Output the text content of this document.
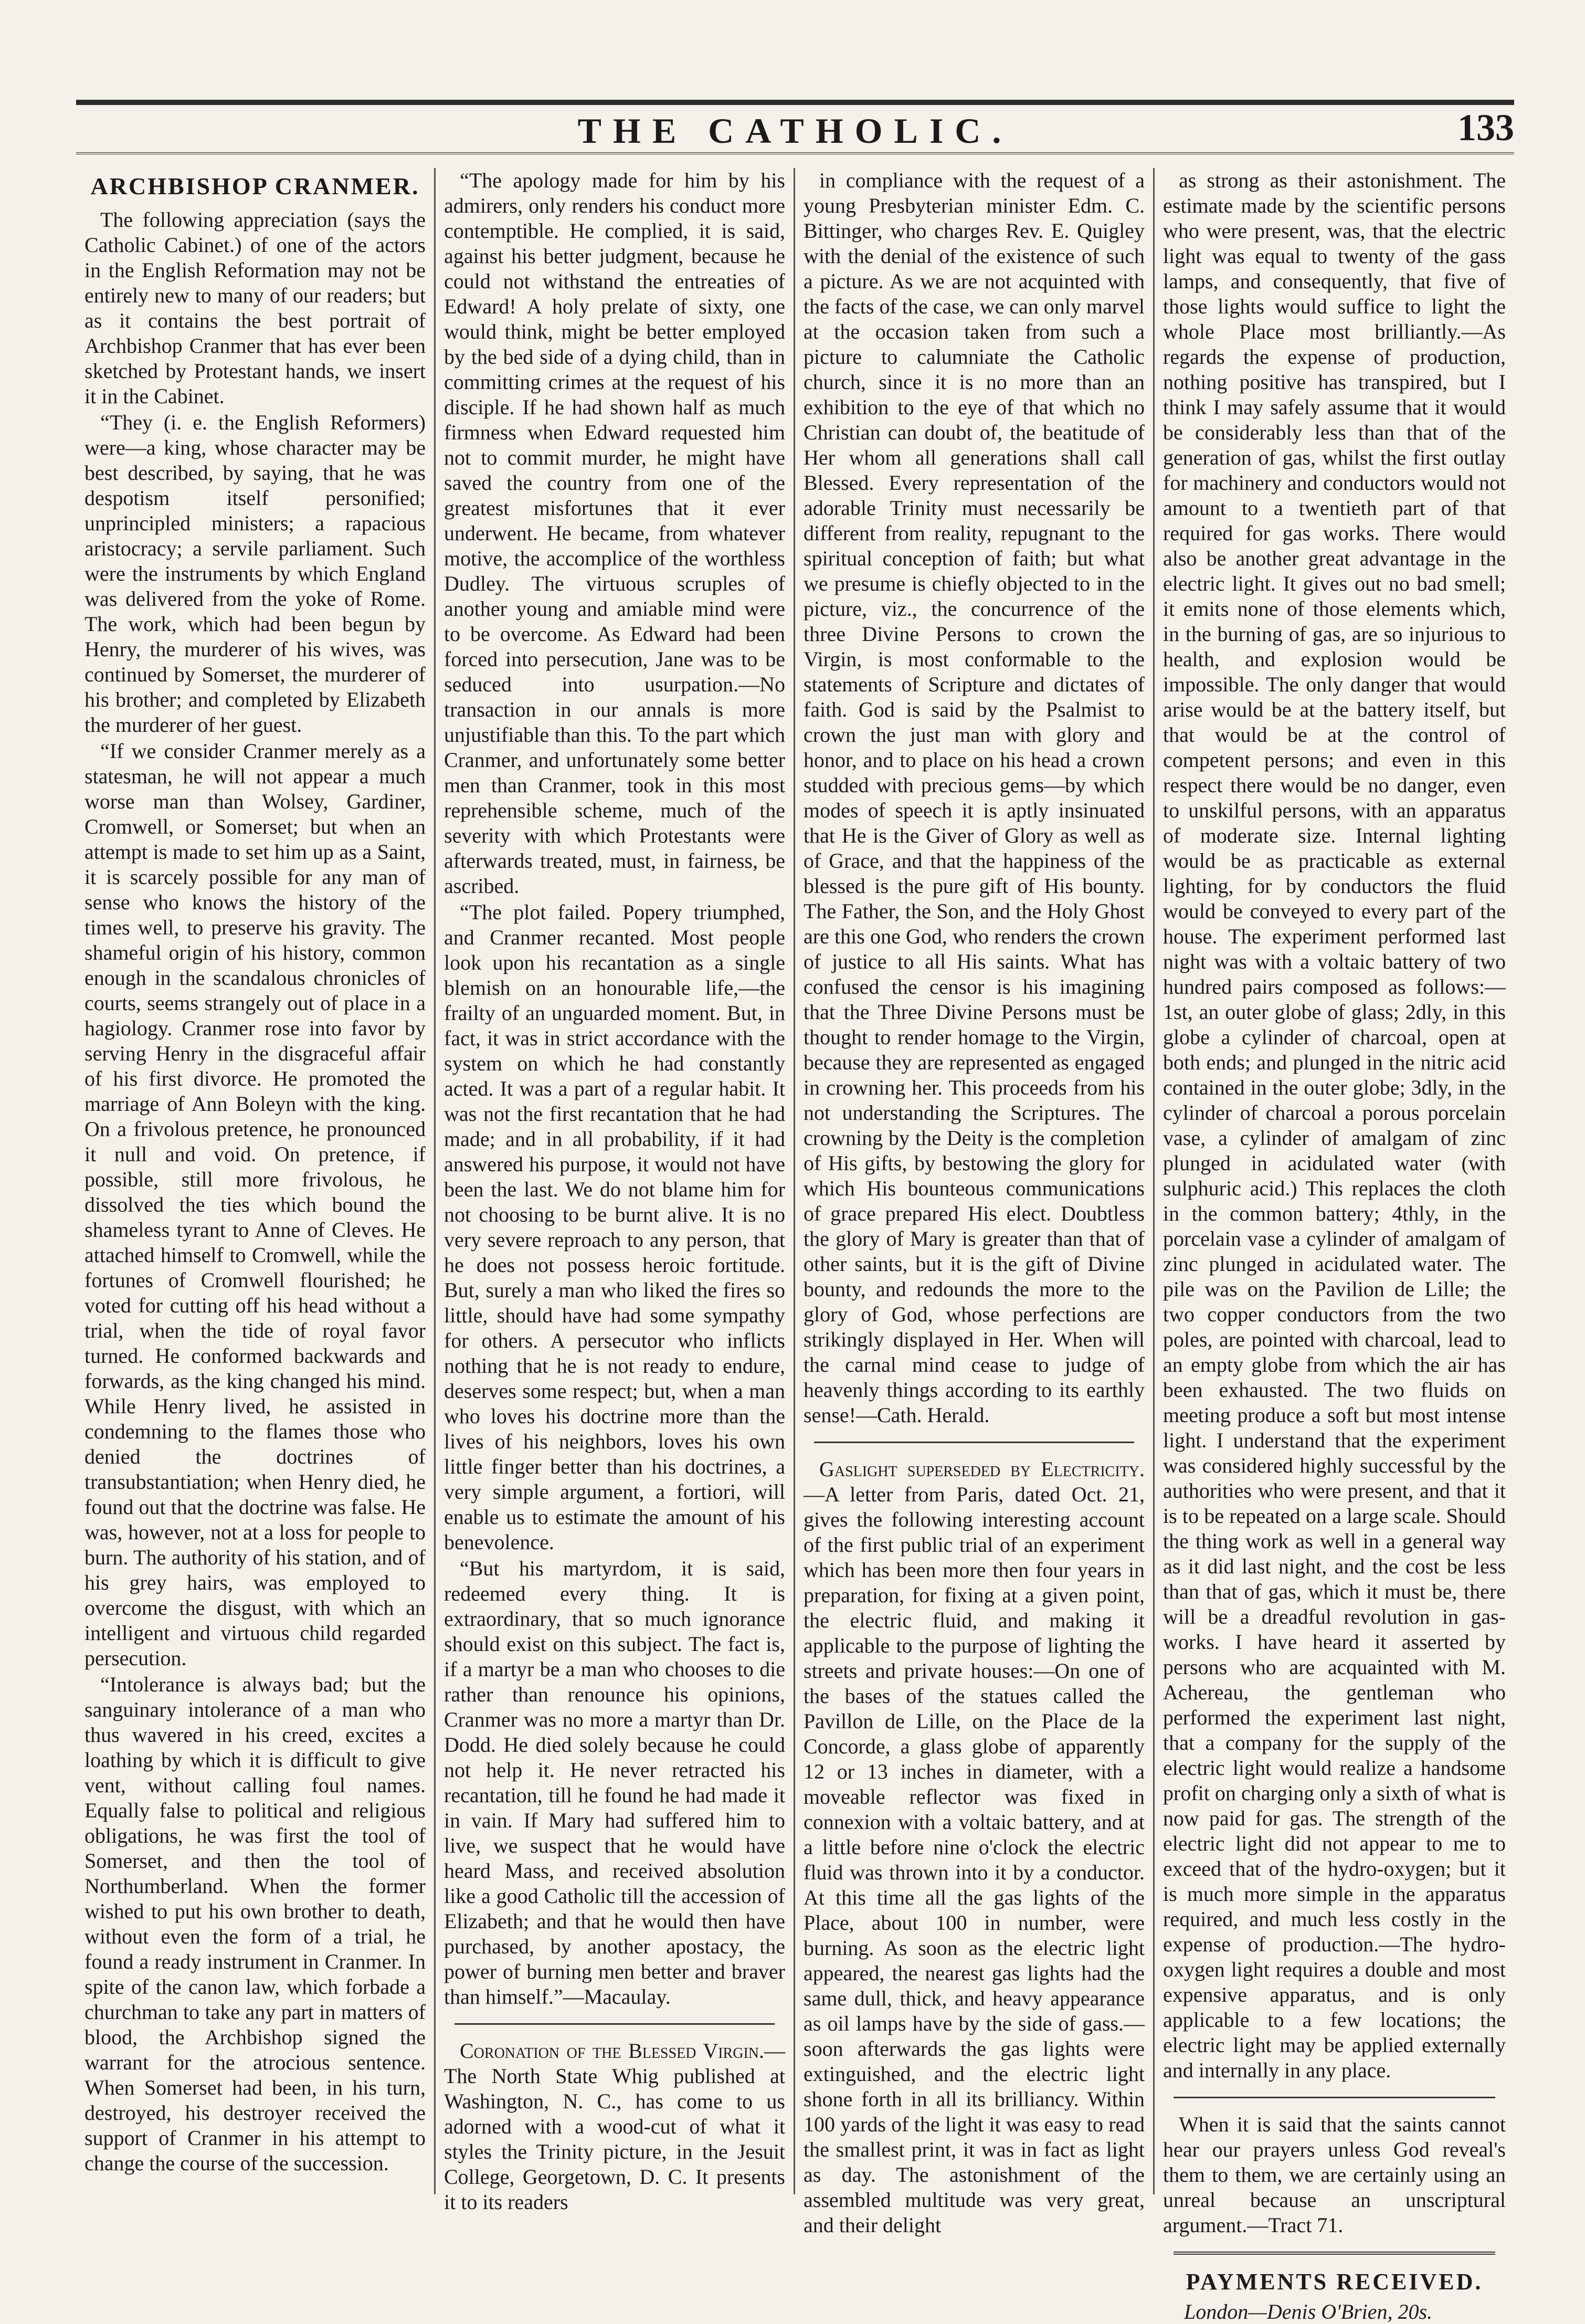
THE CATHOLIC.	133
ARCHBISHOP CRANMER.

The following appreciation (says the Catholic Cabinet.) of one of the actors in the English Reformation may not be entirely new to many of our readers; but as it contains the best portrait of Archbishop Cranmer that has ever been sketched by Protestant hands, we insert it in the Cabinet.

“They (i. e. the English Reformers) were—a king, whose character may be best described, by saying, that he was despotism itself personified; unprincipled ministers; a rapacious aristocracy; a servile parliament. Such were the instruments by which England was delivered from the yoke of Rome. The work, which had been begun by Henry, the murderer of his wives, was continued by Somerset, the murderer of his brother; and completed by Elizabeth the murderer of her guest.

“If we consider Cranmer merely as a statesman, he will not appear a much worse man than Wolsey, Gardiner, Cromwell, or Somerset; but when an attempt is made to set him up as a Saint, it is scarcely possible for any man of sense who knows the history of the times well, to preserve his gravity. The shameful origin of his history, common enough in the scandalous chronicles of courts, seems strangely out of place in a hagiology. Cranmer rose into favor by serving Henry in the disgraceful affair of his first divorce. He promoted the marriage of Ann Boleyn with the king. On a frivolous pretence, he pronounced it null and void. On pretence, if possible, still more frivolous, he dissolved the ties which bound the shameless tyrant to Anne of Cleves. He attached himself to Cromwell, while the fortunes of Cromwell flourished; he voted for cutting off his head without a trial, when the tide of royal favor turned. He conformed backwards and forwards, as the king changed his mind. While Henry lived, he assisted in condemning to the flames those who denied the doctrines of transubstantiation; when Henry died, he found out that the doctrine was false. He was, however, not at a loss for people to burn. The authority of his station, and of his grey hairs, was employed to overcome the disgust, with which an intelligent and virtuous child regarded persecution.

“Intolerance is always bad; but the sanguinary intolerance of a man who thus wavered in his creed, excites a loathing by which it is difficult to give vent, without calling foul names. Equally false to political and religious obligations, he was first the tool of Somerset, and then the tool of Northumberland. When the former wished to put his own brother to death, without even the form of a trial, he found a ready instrument in Cranmer. In spite of the canon law, which forbade a churchman to take any part in matters of blood, the Archbishop signed the warrant for the atrocious sentence. When Somerset had been, in his turn, destroyed, his destroyer received the support of Cranmer in his attempt to change the course of the succession.

“The apology made for him by his admirers, only renders his conduct more contemptible. He complied, it is said, against his better judgment, because he could not withstand the entreaties of Edward! A holy prelate of sixty, one would think, might be better employed by the bed side of a dying child, than in committing crimes at the request of his disciple. If he had shown half as much firmness when Edward requested him not to commit murder, he might have saved the country from one of the greatest misfortunes that it ever underwent. He became, from whatever motive, the accomplice of the worthless Dudley. The virtuous scruples of another young and amiable mind were to be overcome. As Edward had been forced into persecution, Jane was to be seduced into usurpation.—No transaction in our annals is more unjustifiable than this. To the part which Cranmer, and unfortunately some better men than Cranmer, took in this most reprehensible scheme, much of the severity with which Protestants were afterwards treated, must, in fairness, be ascribed.

“The plot failed. Popery triumphed, and Cranmer recanted. Most people look upon his recantation as a single blemish on an honourable life,—the frailty of an unguarded moment. But, in fact, it was in strict accordance with the system on which he had constantly acted. It was a part of a regular habit. It was not the first recantation that he had made; and in all probability, if it had answered his purpose, it would not have been the last. We do not blame him for not choosing to be burnt alive. It is no very severe reproach to any person, that he does not possess heroic fortitude. But, surely a man who liked the fires so little, should have had some sympathy for others. A persecutor who inflicts nothing that he is not ready to endure, deserves some respect; but, when a man who loves his doctrine more than the lives of his neighbors, loves his own little finger better than his doctrines, a very simple argument, a fortiori, will enable us to estimate the amount of his benevolence.

“But his martyrdom, it is said, redeemed every thing. It is extraordinary, that so much ignorance should exist on this subject. The fact is, if a martyr be a man who chooses to die rather than renounce his opinions, Cranmer was no more a martyr than Dr. Dodd. He died solely because he could not help it. He never retracted his recantation, till he found he had made it in vain. If Mary had suffered him to live, we suspect that he would have heard Mass, and received absolution like a good Catholic till the accession of Elizabeth; and that he would then have purchased, by another apostacy, the power of burning men better and braver than himself.”—Macaulay.

Coronation of the Blessed Virgin.— The North State Whig published at Washington, N. C., has come to us adorned with a wood-cut of what it styles the Trinity picture, in the Jesuit College, Georgetown, D. C. It presents it to its readers

in compliance with the request of a young Presbyterian minister Edm. C. Bittinger, who charges Rev. E. Quigley with the denial of the existence of such a picture. As we are not acquinted with the facts of the case, we can only marvel at the occasion taken from such a picture to calumniate the Catholic church, since it is no more than an exhibition to the eye of that which no Christian can doubt of, the beatitude of Her whom all generations shall call Blessed. Every representation of the adorable Trinity must necessarily be different from reality, repugnant to the spiritual conception of faith; but what we presume is chiefly objected to in the picture, viz., the concurrence of the three Divine Persons to crown the Virgin, is most conformable to the statements of Scripture and dictates of faith. God is said by the Psalmist to crown the just man with glory and honor, and to place on his head a crown studded with precious gems—by which modes of speech it is aptly insinuated that He is the Giver of Glory as well as of Grace, and that the happiness of the blessed is the pure gift of His bounty. The Father, the Son, and the Holy Ghost are this one God, who renders the crown of justice to all His saints. What has confused the censor is his imagining that the Three Divine Persons must be thought to render homage to the Virgin, because they are represented as engaged in crowning her. This proceeds from his not understanding the Scriptures. The crowning by the Deity is the completion of His gifts, by bestowing the glory for which His bounteous communications of grace prepared His elect. Doubtless the glory of Mary is greater than that of other saints, but it is the gift of Divine bounty, and redounds the more to the glory of God, whose perfections are strikingly displayed in Her. When will the carnal mind cease to judge of heavenly things according to its earthly sense!—Cath. Herald.

Gaslight superseded by Electricity. —A letter from Paris, dated Oct. 21, gives the following interesting account of the first public trial of an experiment which has been more then four years in preparation, for fixing at a given point, the electric fluid, and making it applicable to the purpose of lighting the streets and private houses:—On one of the bases of the statues called the Pavillon de Lille, on the Place de la Concorde, a glass globe of apparently 12 or 13 inches in diameter, with a moveable reflector was fixed in connexion with a voltaic battery, and at a little before nine o'clock the electric fluid was thrown into it by a conductor. At this time all the gas lights of the Place, about 100 in number, were burning. As soon as the electric light appeared, the nearest gas lights had the same dull, thick, and heavy appearance as oil lamps have by the side of gass.—soon afterwards the gas lights were extinguished, and the electric light shone forth in all its brilliancy. Within 100 yards of the light it was easy to read the smallest print, it was in fact as light as day. The astonishment of the assembled multitude was very great, and their delight

as strong as their astonishment. The estimate made by the scientific persons who were present, was, that the electric light was equal to twenty of the gass lamps, and consequently, that five of those lights would suffice to light the whole Place most brilliantly.—As regards the expense of production, nothing positive has transpired, but I think I may safely assume that it would be considerably less than that of the generation of gas, whilst the first outlay for machinery and conductors would not amount to a twentieth part of that required for gas works. There would also be another great advantage in the electric light. It gives out no bad smell; it emits none of those elements which, in the burning of gas, are so injurious to health, and explosion would be impossible. The only danger that would arise would be at the battery itself, but that would be at the control of competent persons; and even in this respect there would be no danger, even to unskilful persons, with an apparatus of moderate size. Internal lighting would be as practicable as external lighting, for by conductors the fluid would be conveyed to every part of the house. The experiment performed last night was with a voltaic battery of two hundred pairs composed as follows:—1st, an outer globe of glass; 2dly, in this globe a cylinder of charcoal, open at both ends; and plunged in the nitric acid contained in the outer globe; 3dly, in the cylinder of charcoal a porous porcelain vase, a cylinder of amalgam of zinc plunged in acidulated water (with sulphuric acid.) This replaces the cloth in the common battery; 4thly, in the porcelain vase a cylinder of amalgam of zinc plunged in acidulated water. The pile was on the Pavilion de Lille; the two copper conductors from the two poles, are pointed with charcoal, lead to an empty globe from which the air has been exhausted. The two fluids on meeting produce a soft but most intense light. I understand that the experiment was considered highly successful by the authorities who were present, and that it is to be repeated on a large scale. Should the thing work as well in a general way as it did last night, and the cost be less than that of gas, which it must be, there will be a dreadful revolution in gas-works. I have heard it asserted by persons who are acquainted with M. Achereau, the gentleman who performed the experiment last night, that a company for the supply of the electric light would realize a handsome profit on charging only a sixth of what is now paid for gas. The strength of the electric light did not appear to me to exceed that of the hydro-oxygen; but it is much more simple in the apparatus required, and much less costly in the expense of production.—The hydro-oxygen light requires a double and most expensive apparatus, and is only applicable to a few locations; the electric light may be applied externally and internally in any place.

When it is said that the saints cannot hear our prayers unless God reveal's them to them, we are certainly using an unreal because an unscriptural argument.—Tract 71.

PAYMENTS RECEIVED.
London—Denis O'Brien, 20s.
